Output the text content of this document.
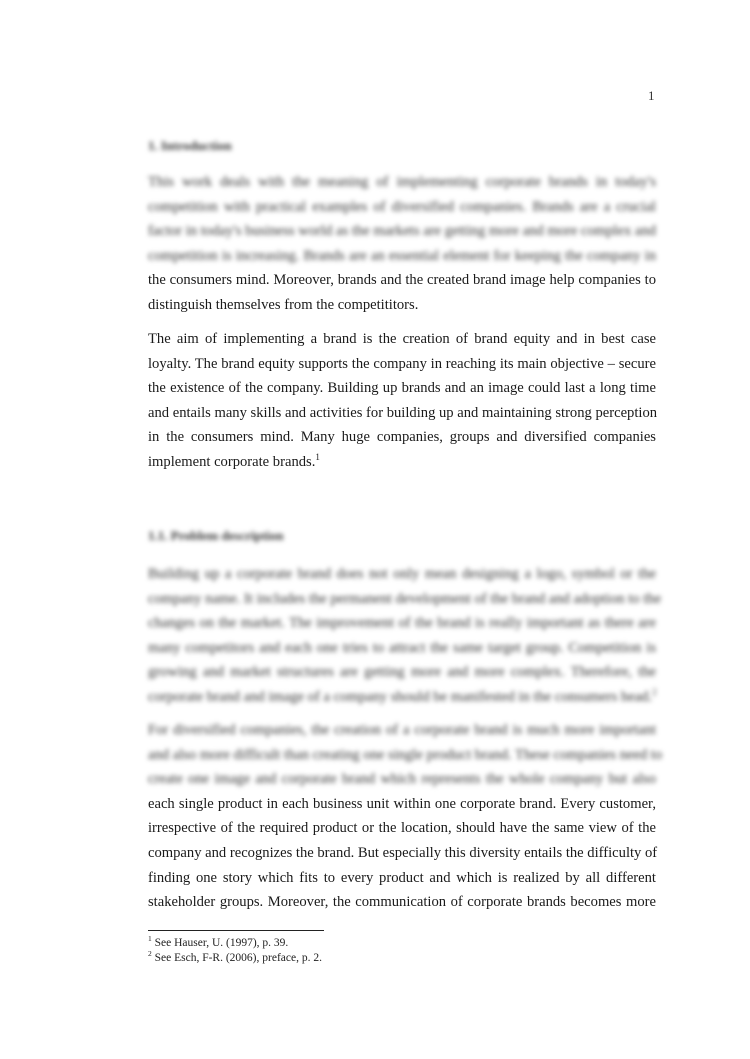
1
1. Introduction
This work deals with the meaning of implementing corporate brands in today's
competition with practical examples of diversified companies. Brands are a crucial
factor in today's business world as the markets are getting more and more complex and
competition is increasing. Brands are an essential element for keeping the company in
the consumers mind. Moreover, brands and the created brand image help companies to
distinguish themselves from the competititors.
The aim of implementing a brand is the creation of brand equity and in best case
loyalty. The brand equity supports the company in reaching its main objective – secure
the existence of the company. Building up brands and an image could last a long time
and entails many skills and activities for building up and maintaining strong perception
in the consumers mind. Many huge companies, groups and diversified companies
implement corporate brands.$^1$
1.1. Problem description
Building up a corporate brand does not only mean designing a logo, symbol or the
company name. It includes the permanent development of the brand and adoption to the
changes on the market. The improvement of the brand is really important as there are
many competitors and each one tries to attract the same target group. Competition is
growing and market structures are getting more and more complex. Therefore, the
corporate brand and image of a company should be manifested in the consumers head.$^2$
For diversified companies, the creation of a corporate brand is much more important
and also more difficult than creating one single product brand. These companies need to
create one image and corporate brand which represents the whole company but also
each single product in each business unit within one corporate brand. Every customer,
irrespective of the required product or the location, should have the same view of the
company and recognizes the brand. But especially this diversity entails the difficulty of
finding one story which fits to every product and which is realized by all different
stakeholder groups. Moreover, the communication of corporate brands becomes more
$^1$ See Hauser, U. (1997), p. 39.
$^2$ See Esch, F-R. (2006), preface, p. 2.
